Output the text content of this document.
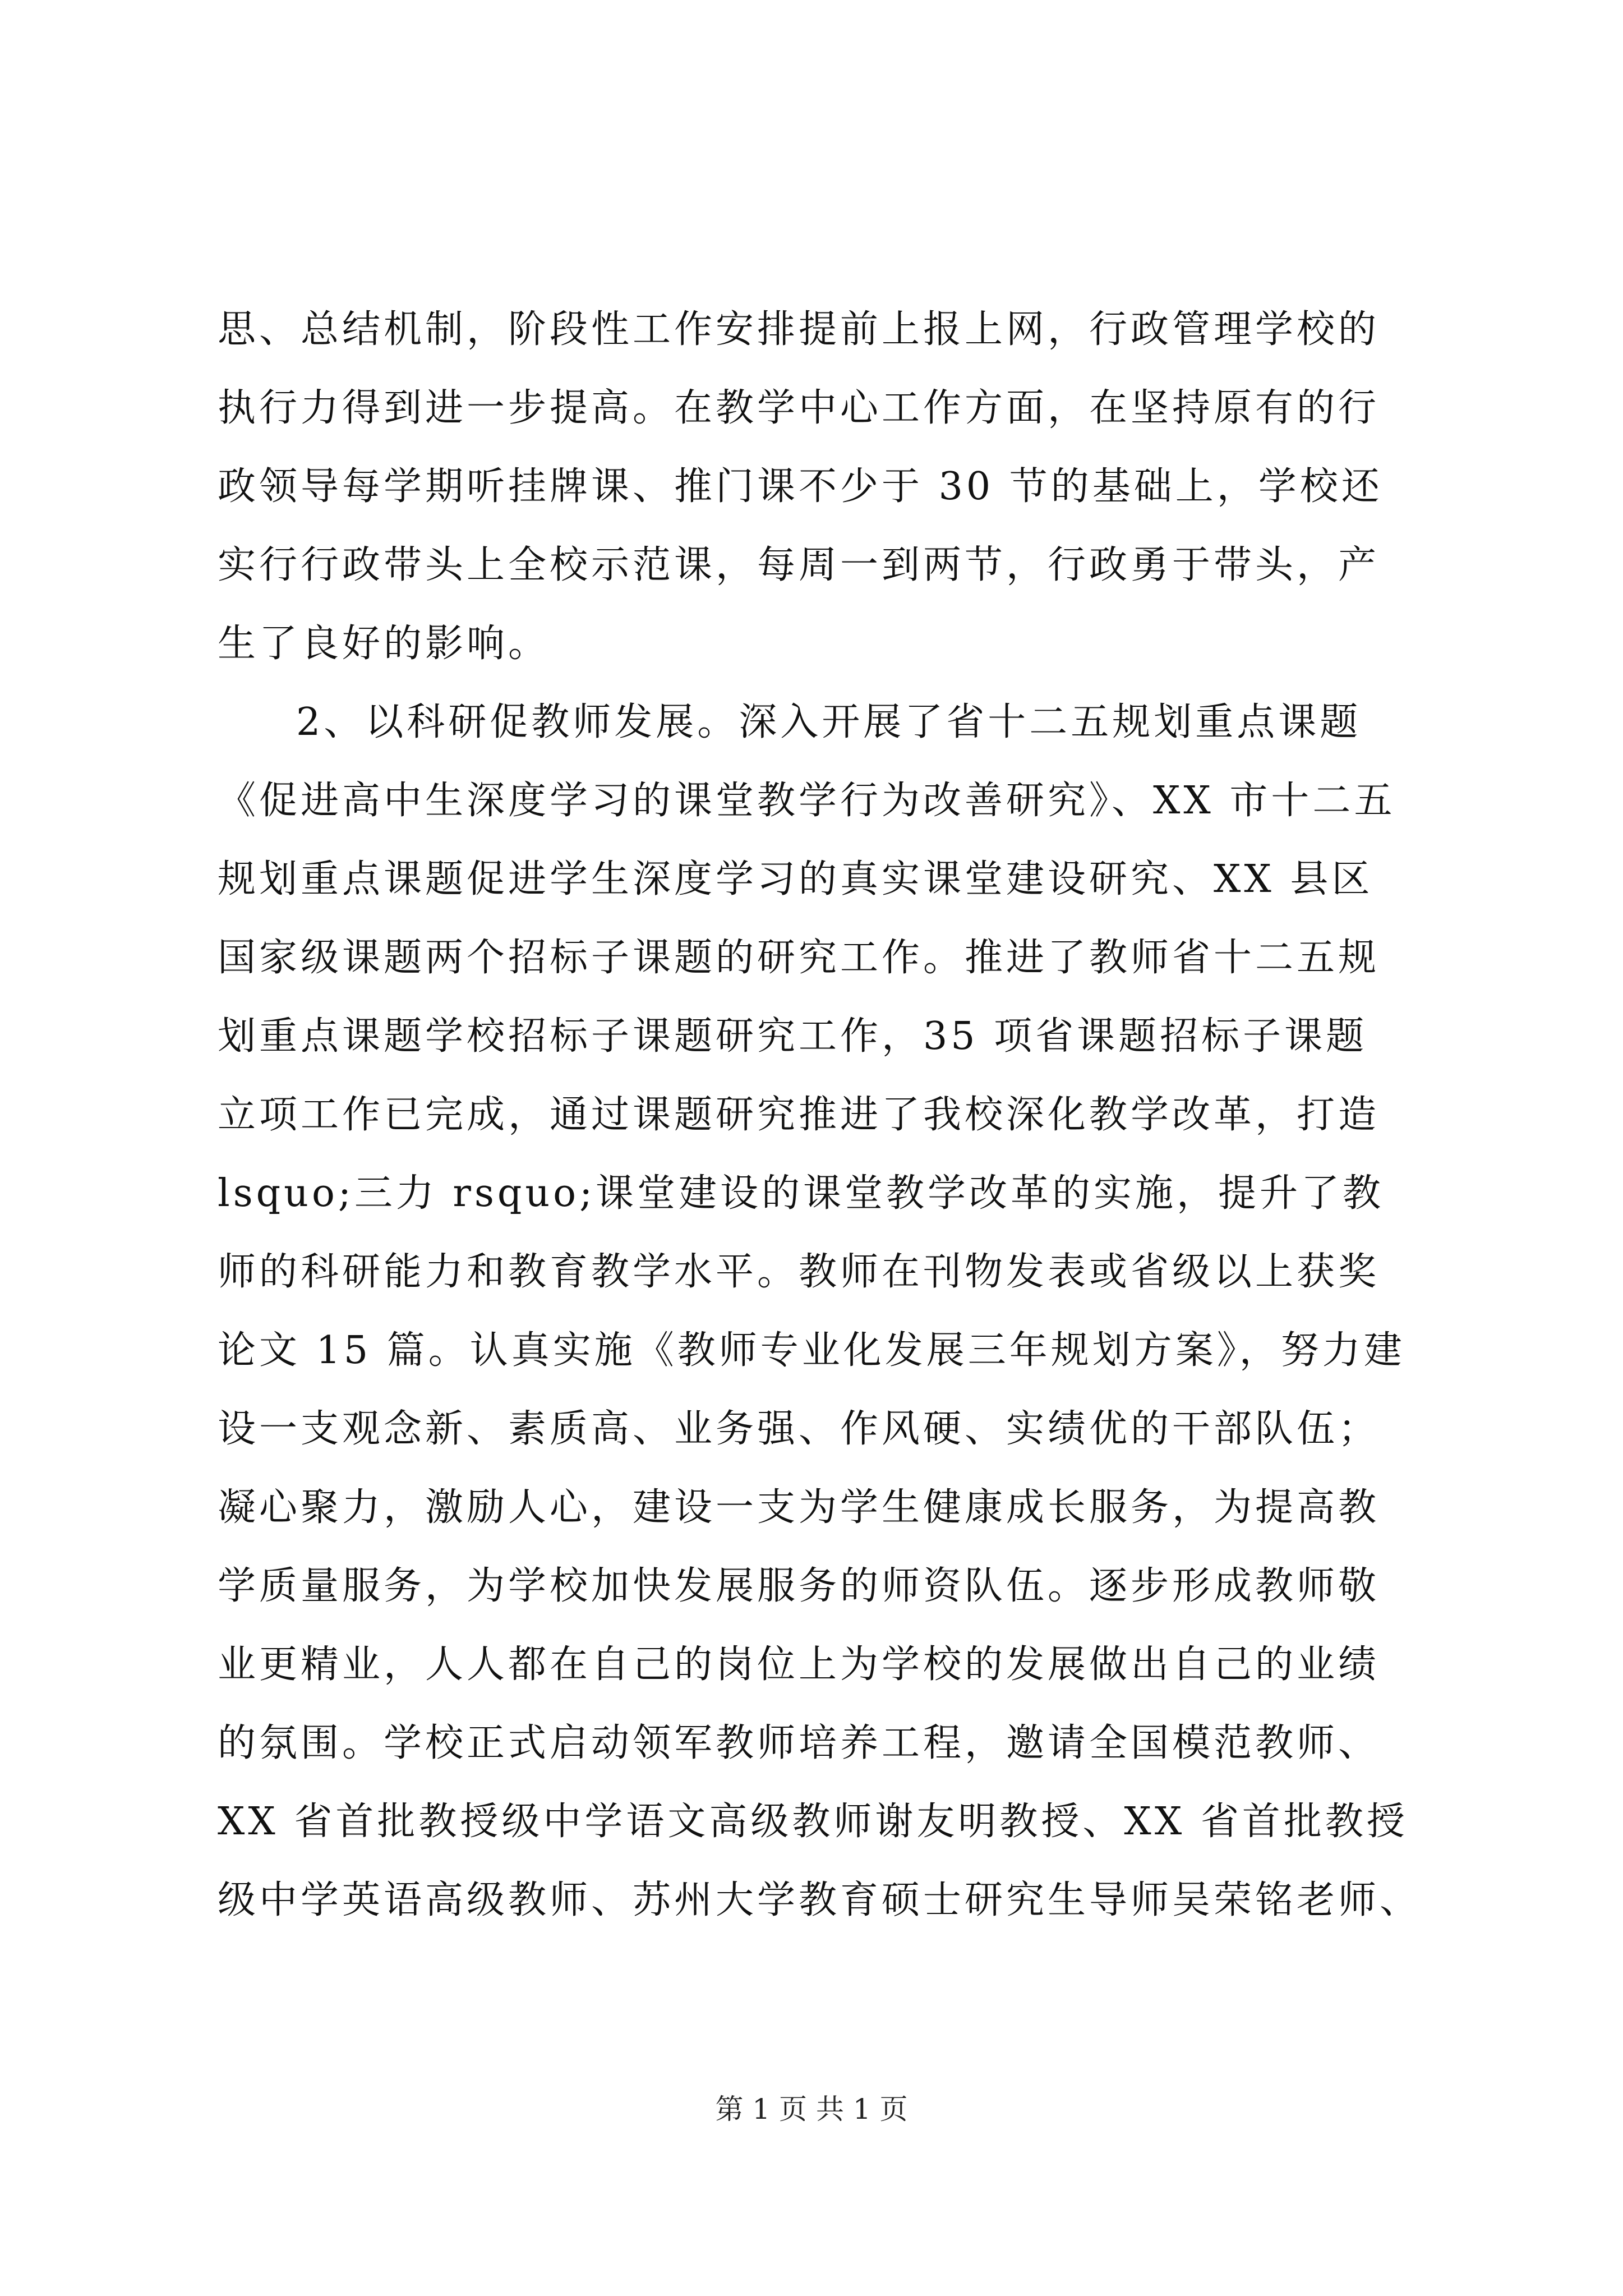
思、总结机制，阶段性工作安排提前上报上网，行政管理学校的
执行力得到进一步提高。在教学中心工作方面，在坚持原有的行
政领导每学期听挂牌课、推门课不少于 30 节的基础上，学校还
实行行政带头上全校示范课，每周一到两节，行政勇于带头，产
生了良好的影响。
2、以科研促教师发展。深入开展了省十二五规划重点课题
《促进高中生深度学习的课堂教学行为改善研究》、XX 市十二五
规划重点课题促进学生深度学习的真实课堂建设研究、XX 县区
国家级课题两个招标子课题的研究工作。推进了教师省十二五规
划重点课题学校招标子课题研究工作，35 项省课题招标子课题
立项工作已完成，通过课题研究推进了我校深化教学改革，打造
lsquo;三力 rsquo;课堂建设的课堂教学改革的实施，提升了教
师的科研能力和教育教学水平。教师在刊物发表或省级以上获奖
论文 15 篇。认真实施《教师专业化发展三年规划方案》，努力建
设一支观念新、素质高、业务强、作风硬、实绩优的干部队伍；
凝心聚力，激励人心，建设一支为学生健康成长服务，为提高教
学质量服务，为学校加快发展服务的师资队伍。逐步形成教师敬
业更精业，人人都在自己的岗位上为学校的发展做出自己的业绩
的氛围。学校正式启动领军教师培养工程，邀请全国模范教师、
XX 省首批教授级中学语文高级教师谢友明教授、XX 省首批教授
级中学英语高级教师、苏州大学教育硕士研究生导师吴荣铭老师、
第 1 页 共 1 页
